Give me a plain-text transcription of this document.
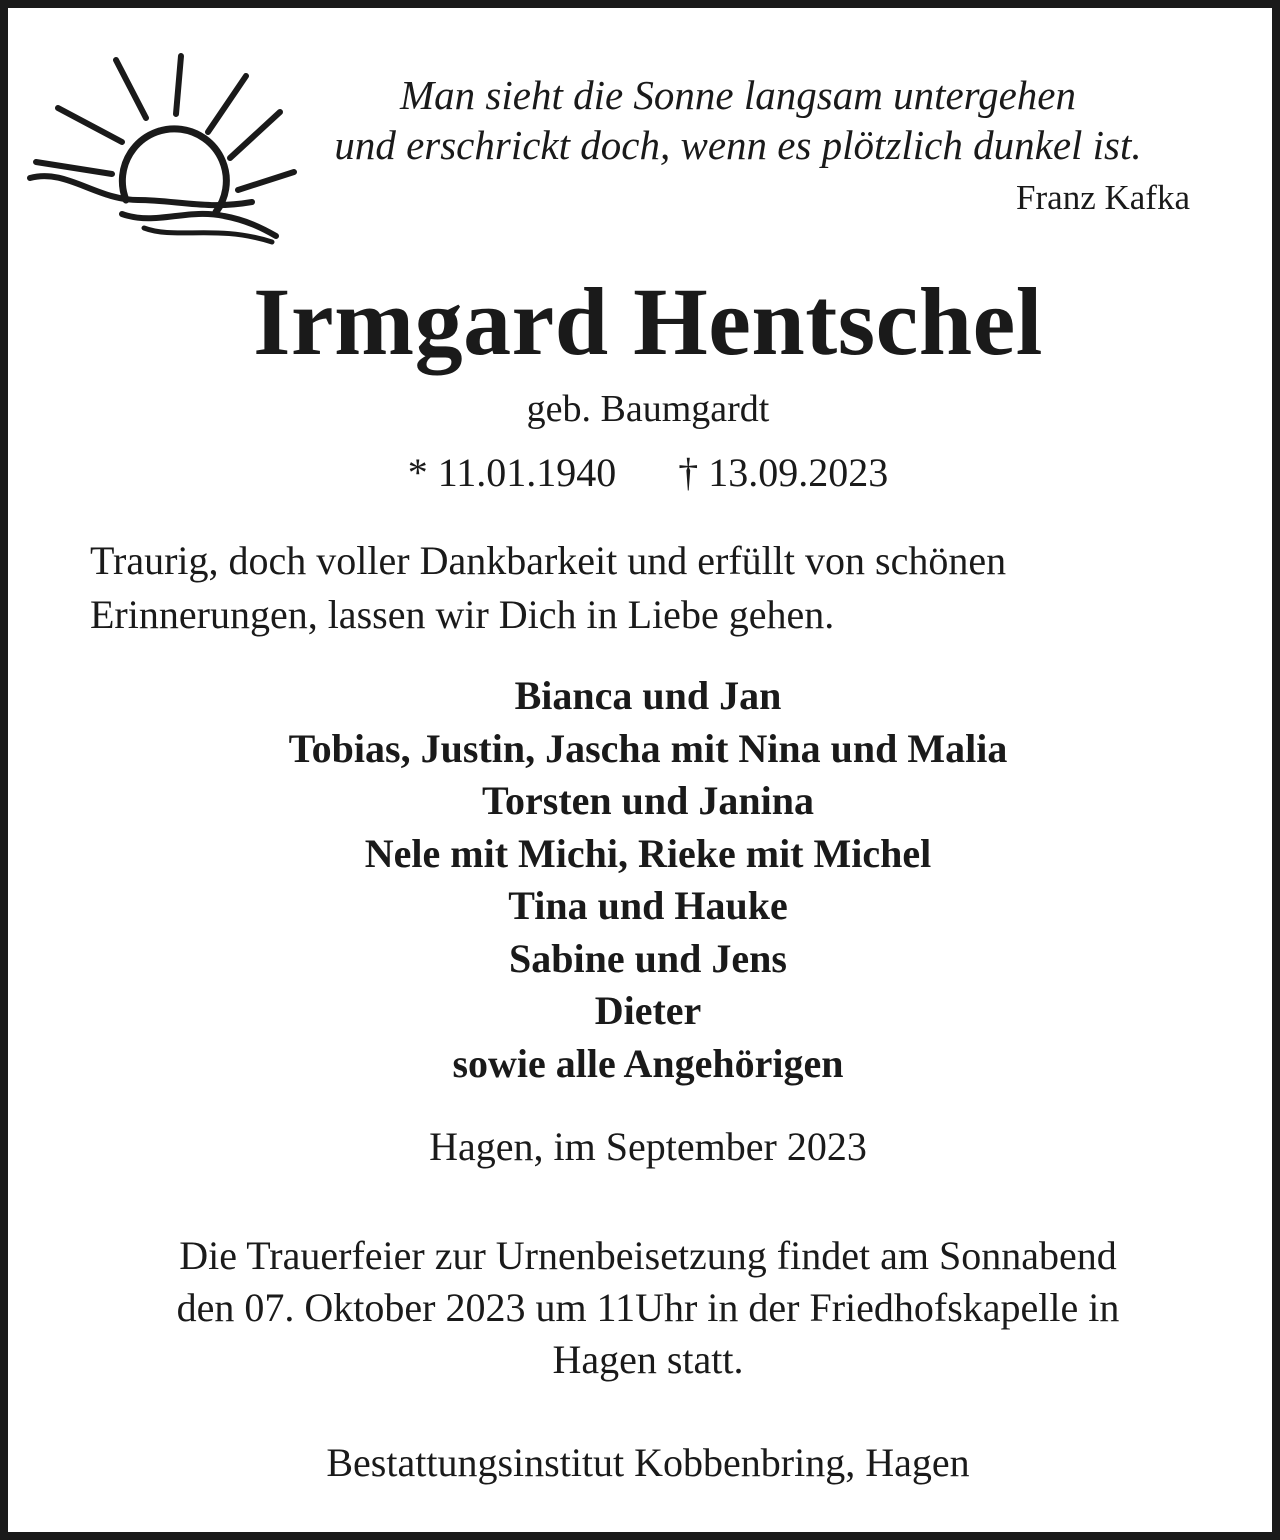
Man sieht die Sonne langsam untergehen
und erschrickt doch, wenn es plötzlich dunkel ist.
Franz Kafka
Irmgard Hentschel
geb. Baumgardt
* 11.01.1940 † 13.09.2023
Traurig, doch voller Dankbarkeit und erfüllt von schönen
Erinnerungen, lassen wir Dich in Liebe gehen.
Bianca und Jan
Tobias, Justin, Jascha mit Nina und Malia
Torsten und Janina
Nele mit Michi, Rieke mit Michel
Tina und Hauke
Sabine und Jens
Dieter
sowie alle Angehörigen
Hagen, im September 2023
Die Trauerfeier zur Urnenbeisetzung findet am Sonnabend
den 07. Oktober 2023 um 11Uhr in der Friedhofskapelle in
Hagen statt.
Bestattungsinstitut Kobbenbring, Hagen
